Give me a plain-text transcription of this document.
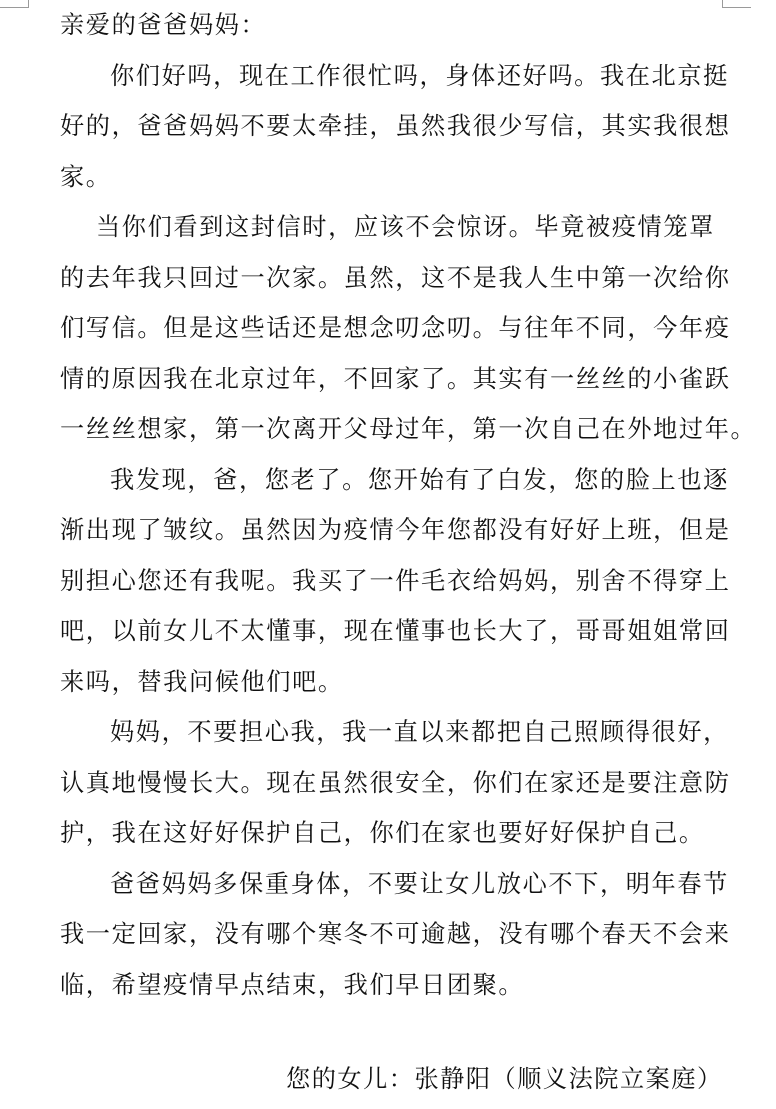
亲爱的爸爸妈妈：
你们好吗，现在工作很忙吗，身体还好吗。我在北京挺
好的，爸爸妈妈不要太牵挂，虽然我很少写信，其实我很想
家。
当你们看到这封信时，应该不会惊讶。毕竟被疫情笼罩
的去年我只回过一次家。虽然，这不是我人生中第一次给你
们写信。但是这些话还是想念叨念叨。与往年不同，今年疫
情的原因我在北京过年，不回家了。其实有一丝丝的小雀跃
一丝丝想家，第一次离开父母过年，第一次自己在外地过年。
我发现，爸，您老了。您开始有了白发，您的脸上也逐
渐出现了皱纹。虽然因为疫情今年您都没有好好上班，但是
别担心您还有我呢。我买了一件毛衣给妈妈，别舍不得穿上
吧，以前女儿不太懂事，现在懂事也长大了，哥哥姐姐常回
来吗，替我问候他们吧。
妈妈，不要担心我，我一直以来都把自己照顾得很好，
认真地慢慢长大。现在虽然很安全，你们在家还是要注意防
护，我在这好好保护自己，你们在家也要好好保护自己。
爸爸妈妈多保重身体，不要让女儿放心不下，明年春节
我一定回家，没有哪个寒冬不可逾越，没有哪个春天不会来
临，希望疫情早点结束，我们早日团聚。
您的女儿：张静阳（顺义法院立案庭）
